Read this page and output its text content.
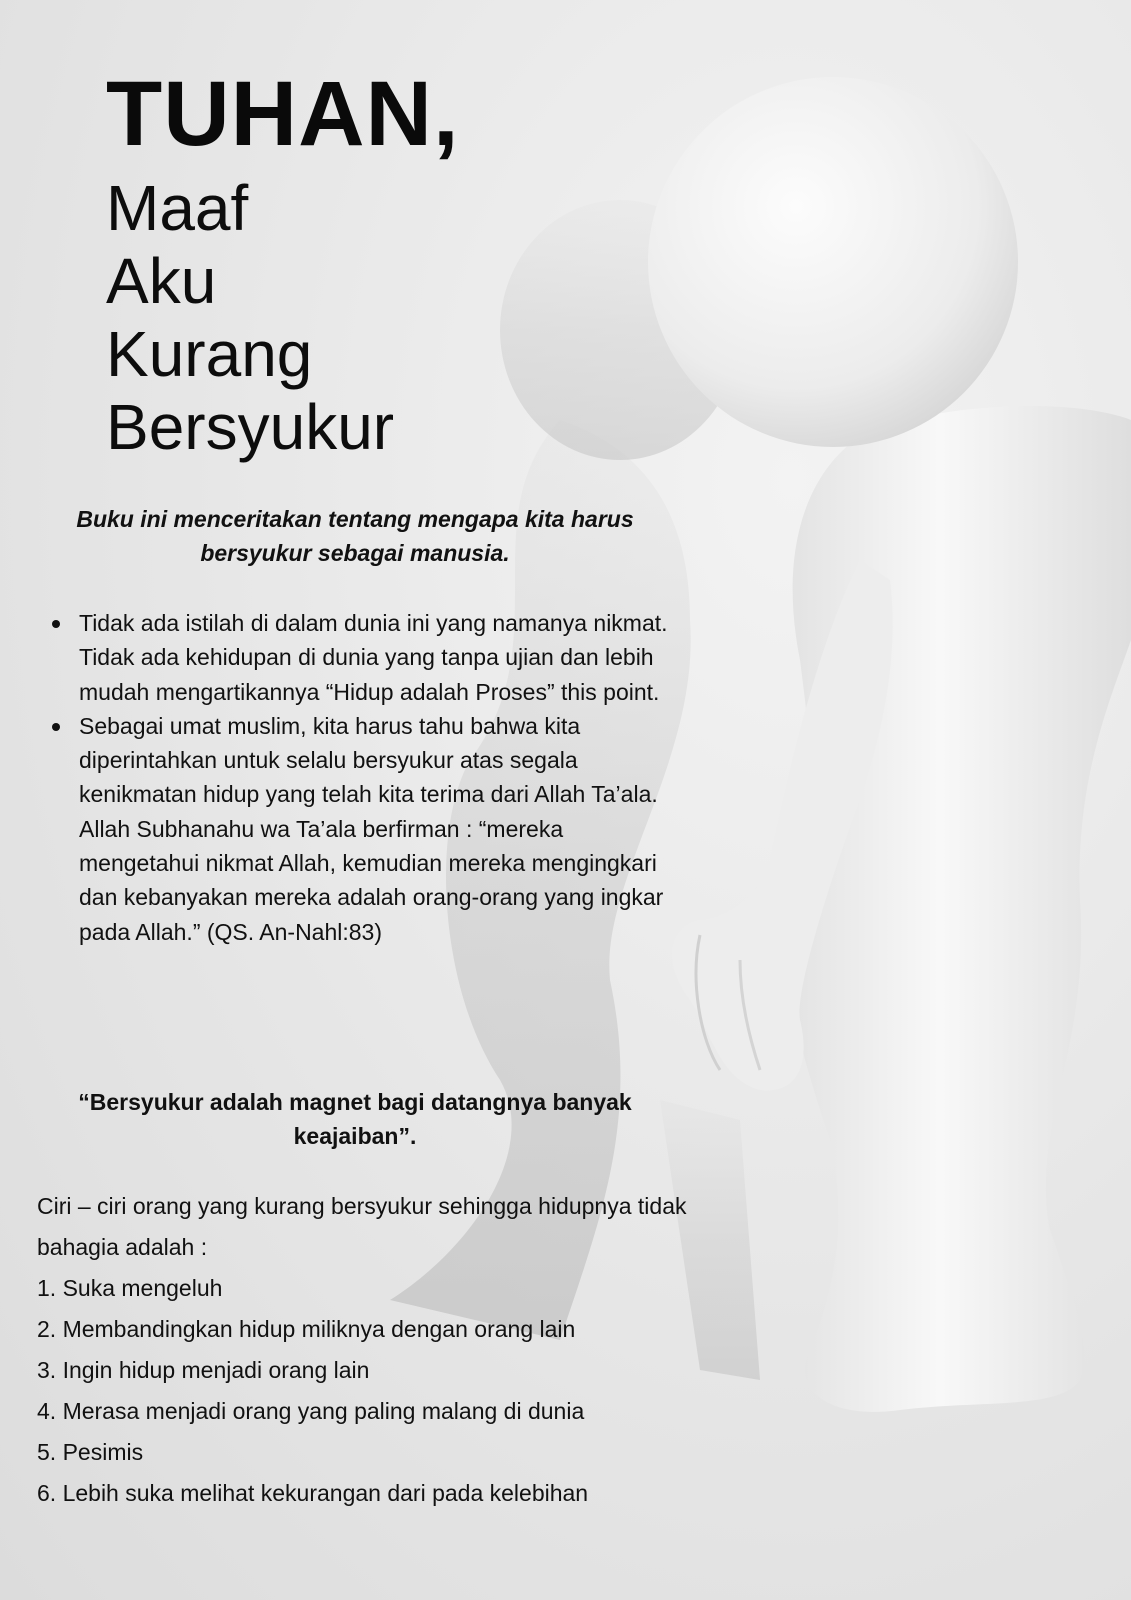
TUHAN,
Maaf
Aku
Kurang
Bersyukur

Buku ini menceritakan tentang mengapa kita harus bersyukur sebagai manusia.

Tidak ada istilah di dalam dunia ini yang namanya nikmat. Tidak ada kehidupan di dunia yang tanpa ujian dan lebih mudah mengartikannya “Hidup adalah Proses” this point.
Sebagai umat muslim, kita harus tahu bahwa kita diperintahkan untuk selalu bersyukur atas segala kenikmatan hidup yang telah kita terima dari Allah Ta’ala. Allah Subhanahu wa Ta’ala berfirman : “mereka mengetahui nikmat Allah, kemudian mereka mengingkari dan kebanyakan mereka adalah orang-orang yang ingkar pada Allah.” (QS. An-Nahl:83)

“Bersyukur adalah magnet bagi datangnya banyak keajaiban”.

Ciri – ciri orang yang kurang bersyukur sehingga hidupnya tidak bahagia adalah :

1. Suka mengeluh
2. Membandingkan hidup miliknya dengan orang lain
3. Ingin hidup menjadi orang lain
4. Merasa menjadi orang yang paling malang di dunia
5. Pesimis
6. Lebih suka melihat kekurangan dari pada kelebihan
